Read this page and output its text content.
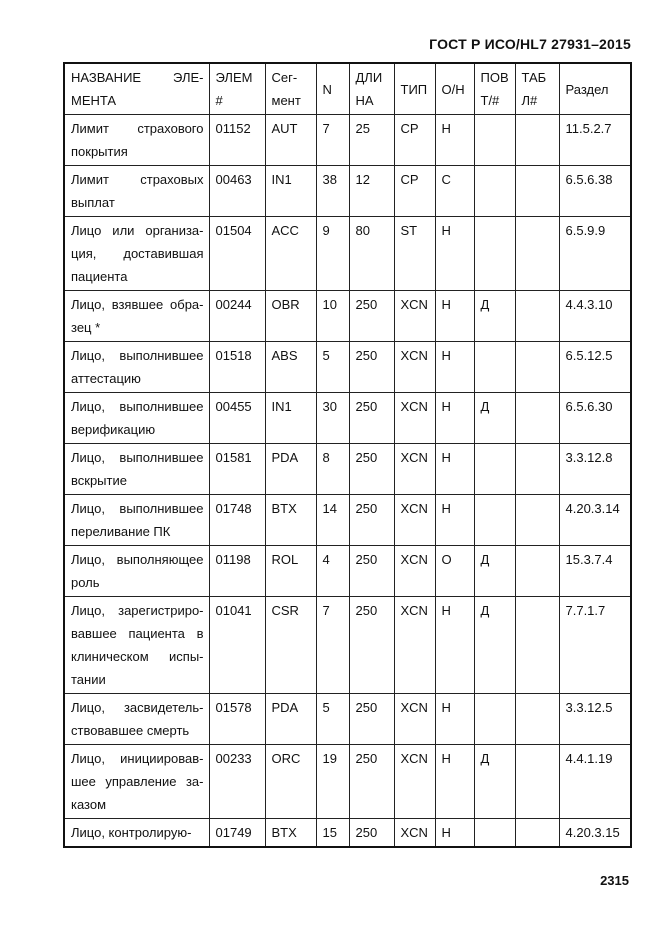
ГОСТ Р ИСО/HL7 27931–2015
НАЗВАНИЕ ЭЛЕ-МЕНТА	ЭЛЕМ #	Сег-мент	N	ДЛИ НА	ТИП	О/Н	ПОВ Т/#	ТАБ Л#	Раздел
Лимит страхового покрытия	01152	AUT	7	25	CP	Н			11.5.2.7
Лимит страховых выплат	00463	IN1	38	12	CP	С			6.5.6.38
Лицо или организа-ция, доставившая пациента	01504	ACC	9	80	ST	Н			6.5.9.9
Лицо, взявшее обра-зец *	00244	OBR	10	250	XCN	Н	Д		4.4.3.10
Лицо, выполнившее аттестацию	01518	ABS	5	250	XCN	Н			6.5.12.5
Лицо, выполнившее верификацию	00455	IN1	30	250	XCN	Н	Д		6.5.6.30
Лицо, выполнившее вскрытие	01581	PDA	8	250	XCN	Н			3.3.12.8
Лицо, выполнившее переливание ПК	01748	BTX	14	250	XCN	Н			4.20.3.14
Лицо, выполняющее роль	01198	ROL	4	250	XCN	О	Д		15.3.7.4
Лицо, зарегистриро-вавшее пациента в клиническом испы-тании	01041	CSR	7	250	XCN	Н	Д		7.7.1.7
Лицо, засвидетель-ствовавшее смерть	01578	PDA	5	250	XCN	Н			3.3.12.5
Лицо, инициировав-шее управление за-казом	00233	ORC	19	250	XCN	Н	Д		4.4.1.19
Лицо, контролирую-	01749	BTX	15	250	XCN	Н			4.20.3.15
2315
